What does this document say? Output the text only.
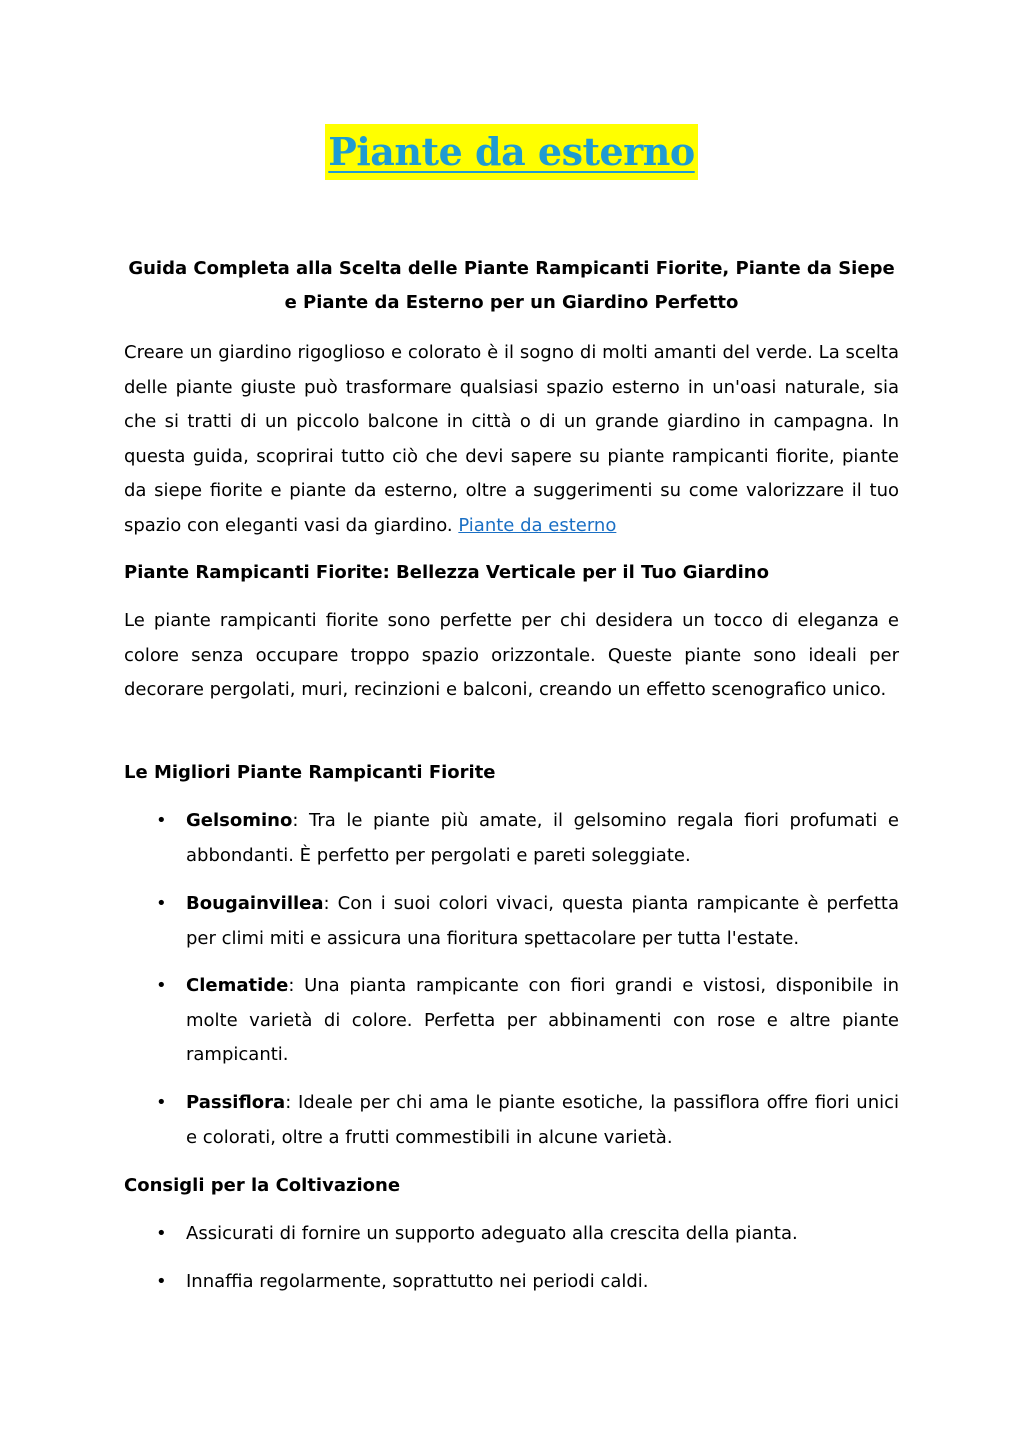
Piante da esterno
Guida Completa alla Scelta delle Piante Rampicanti Fiorite, Piante da Siepe e Piante da Esterno per un Giardino Perfetto

Creare un giardino rigoglioso e colorato è il sogno di molti amanti del verde. La scelta delle piante giuste può trasformare qualsiasi spazio esterno in un'oasi naturale, sia che si tratti di un piccolo balcone in città o di un grande giardino in campagna. In questa guida, scoprirai tutto ciò che devi sapere su piante rampicanti fiorite, piante da siepe fiorite e piante da esterno, oltre a suggerimenti su come valorizzare il tuo spazio con eleganti vasi da giardino. Piante da esterno

Piante Rampicanti Fiorite: Bellezza Verticale per il Tuo Giardino

Le piante rampicanti fiorite sono perfette per chi desidera un tocco di eleganza e colore senza occupare troppo spazio orizzontale. Queste piante sono ideali per decorare pergolati, muri, recinzioni e balconi, creando un effetto scenografico unico.

Le Migliori Piante Rampicanti Fiorite
• Gelsomino: Tra le piante più amate, il gelsomino regala fiori profumati e abbondanti. È perfetto per pergolati e pareti soleggiate.
• Bougainvillea: Con i suoi colori vivaci, questa pianta rampicante è perfetta per climi miti e assicura una fioritura spettacolare per tutta l'estate.
• Clematide: Una pianta rampicante con fiori grandi e vistosi, disponibile in molte varietà di colore. Perfetta per abbinamenti con rose e altre piante rampicanti.
• Passiflora: Ideale per chi ama le piante esotiche, la passiflora offre fiori unici e colorati, oltre a frutti commestibili in alcune varietà.
Consigli per la Coltivazione
• Assicurati di fornire un supporto adeguato alla crescita della pianta.
• Innaffia regolarmente, soprattutto nei periodi caldi.
